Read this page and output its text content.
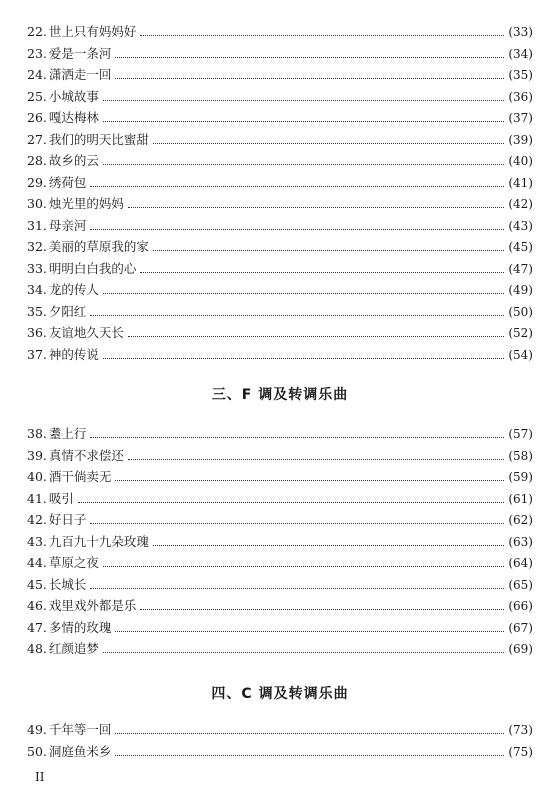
22. 世上只有妈妈好	(33)
23. 爱是一条河	(34)
24. 潇洒走一回	(35)
25. 小城故事	(36)
26. 嘎达梅林	(37)
27. 我们的明天比蜜甜	(39)
28. 故乡的云	(40)
29. 绣荷包	(41)
30. 烛光里的妈妈	(42)
31. 母亲河	(43)
32. 美丽的草原我的家	(45)
33. 明明白白我的心	(47)
34. 龙的传人	(49)
35. 夕阳红	(50)
36. 友谊地久天长	(52)
37. 神的传说	(54)
三、F 调及转调乐曲
38. 耋上行	(57)
39. 真情不求偿还	(58)
40. 酒干倘卖无	(59)
41. 吸引	(61)
42. 好日子	(62)
43. 九百九十九朵玫瑰	(63)
44. 草原之夜	(64)
45. 长城长	(65)
46. 戏里戏外都是乐	(66)
47. 多情的玫瑰	(67)
48. 红颜追梦	(69)
四、C 调及转调乐曲
49. 千年等一回	(73)
50. 洞庭鱼米乡	(75)
II
